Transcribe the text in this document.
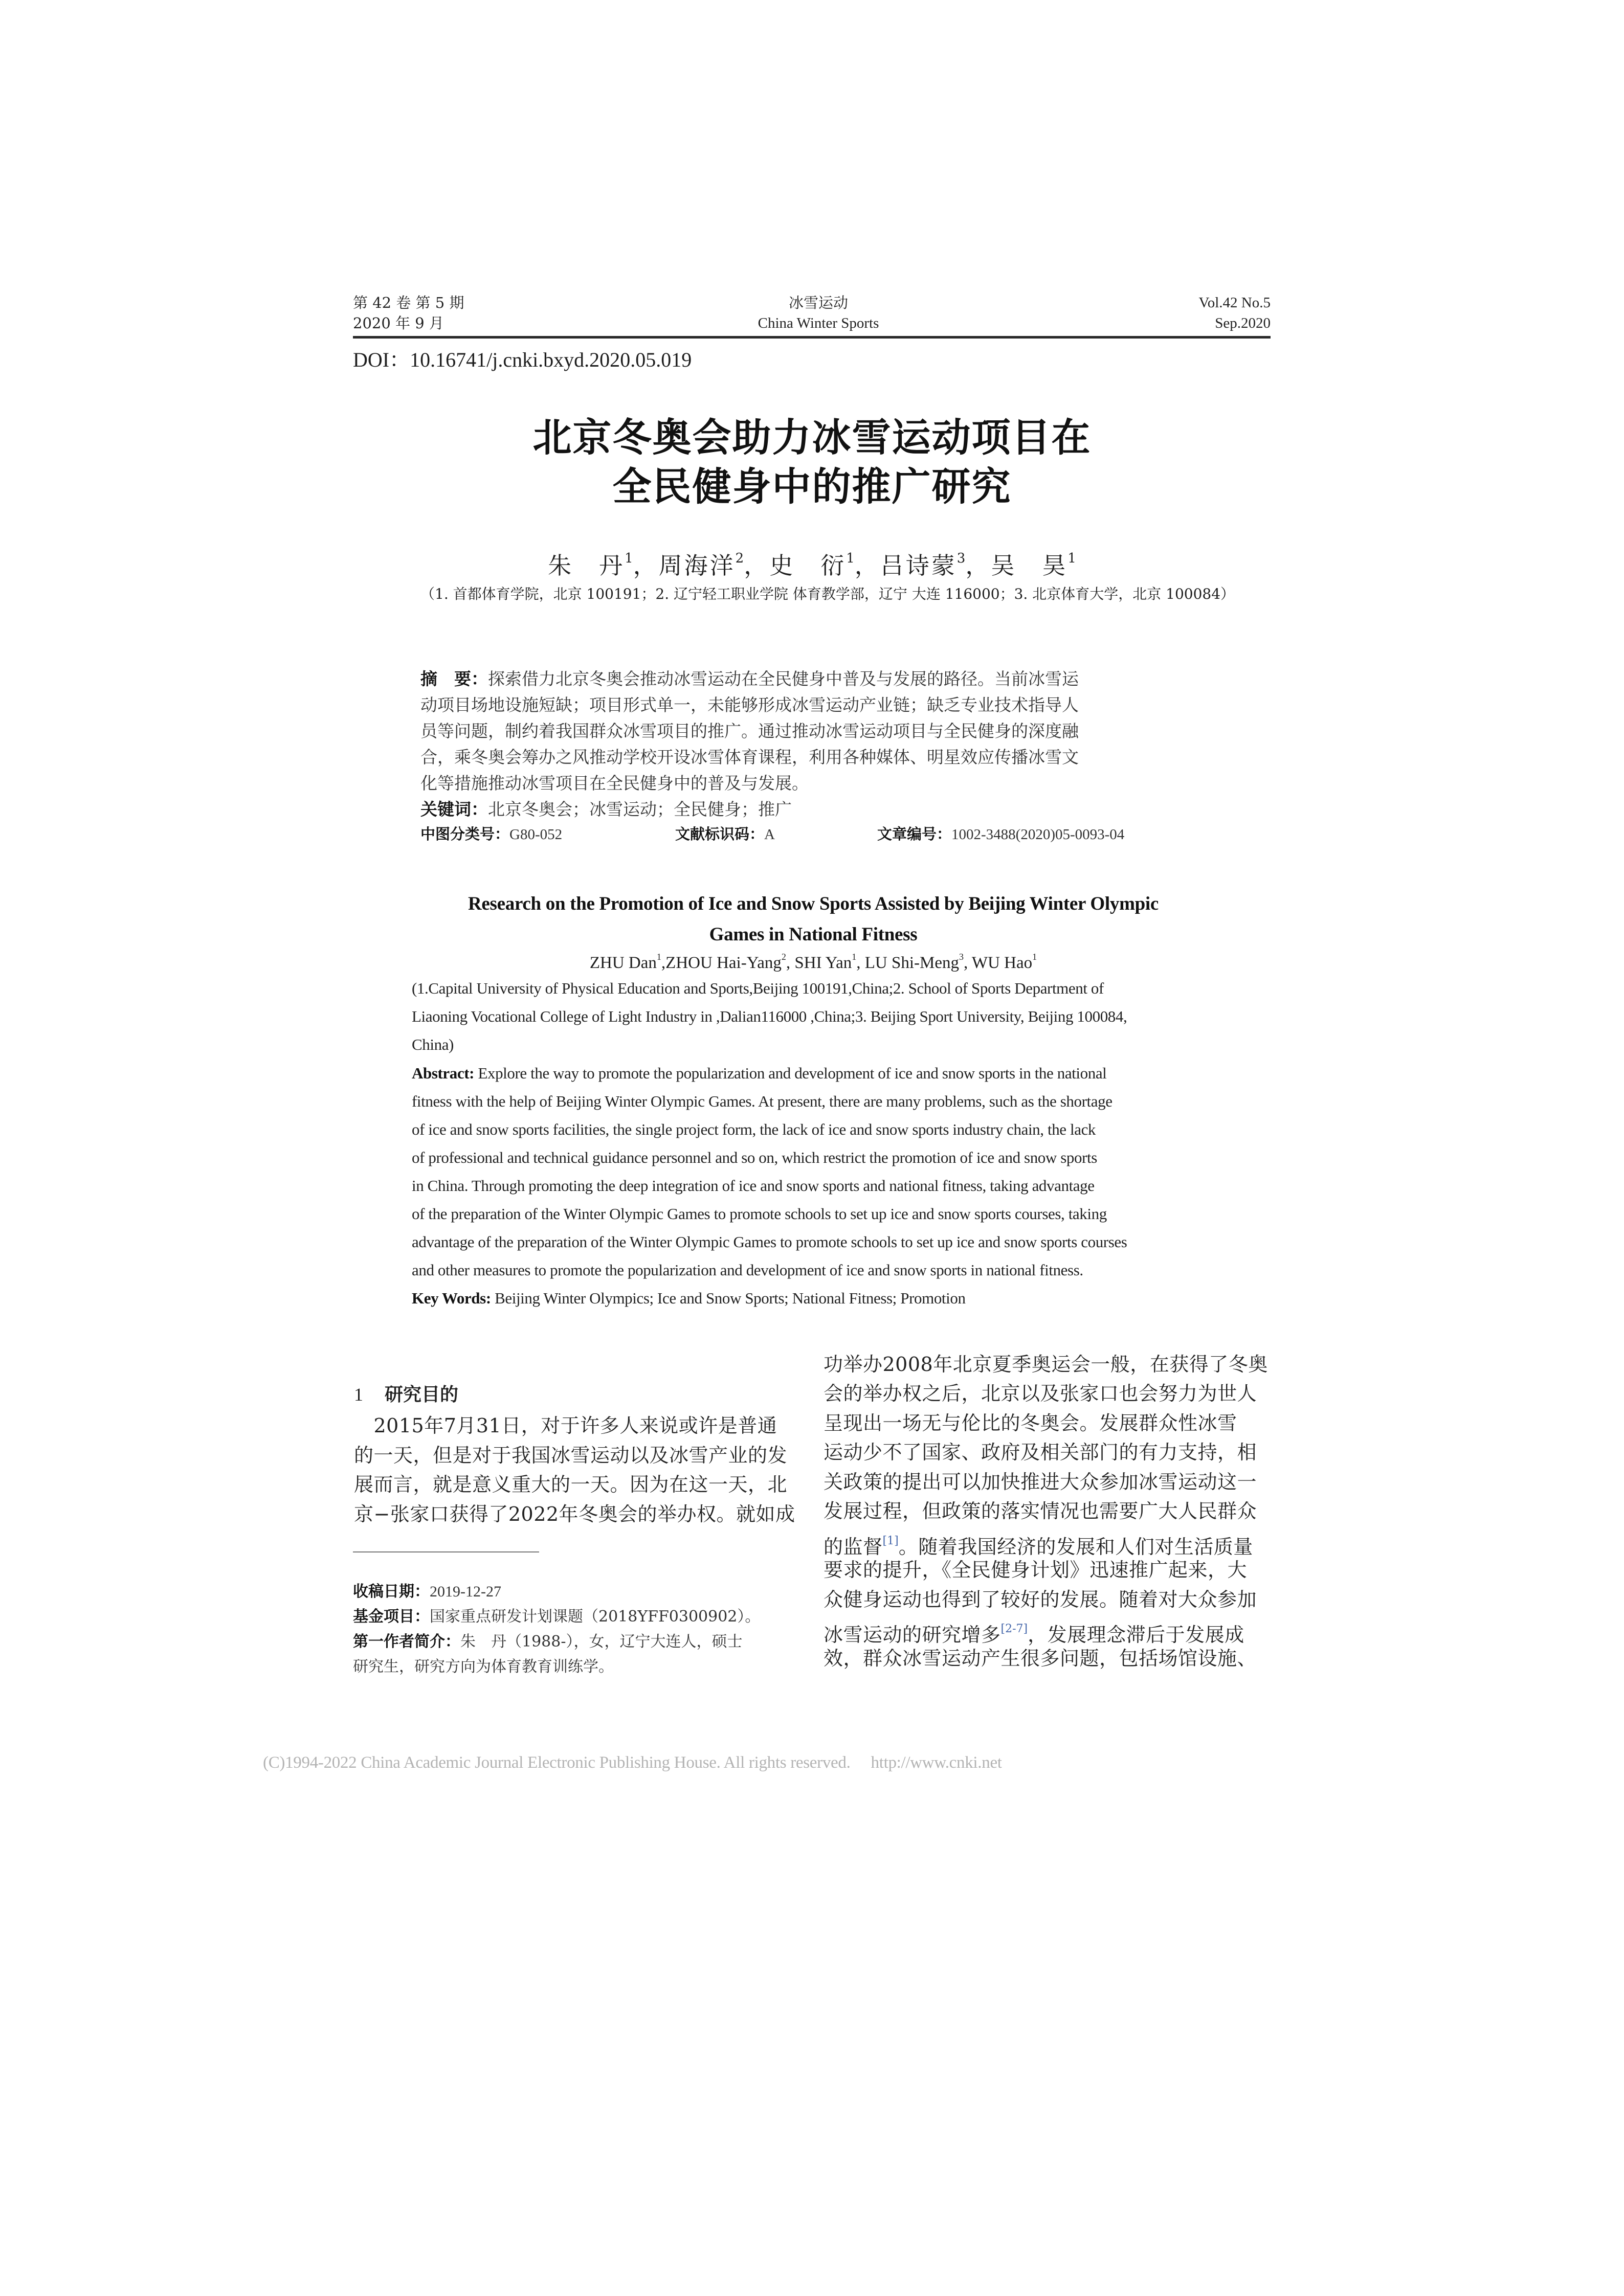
第 42 卷 第 5 期
2020 年 9 月
冰雪运动
China Winter Sports
Vol.42 No.5
Sep.2020
DOI：10.16741/j.cnki.bxyd.2020.05.019
北京冬奥会助力冰雪运动项目在
全民健身中的推广研究
朱　丹$^1$，周海洋$^2$，史　衍$^1$，吕诗蒙$^3$，吴　昊$^1$
（1. 首都体育学院，北京 100191；2. 辽宁轻工职业学院 体育教学部，辽宁 大连 116000；3. 北京体育大学，北京 100084）
摘　要：探索借力北京冬奥会推动冰雪运动在全民健身中普及与发展的路径。当前冰雪运
动项目场地设施短缺；项目形式单一，未能够形成冰雪运动产业链；缺乏专业技术指导人
员等问题，制约着我国群众冰雪项目的推广。通过推动冰雪运动项目与全民健身的深度融
合，乘冬奥会筹办之风推动学校开设冰雪体育课程，利用各种媒体、明星效应传播冰雪文
化等措施推动冰雪项目在全民健身中的普及与发展。
关键词：北京冬奥会；冰雪运动；全民健身；推广
中图分类号：G80-052	文献标识码：A	文章编号：1002-3488(2020)05-0093-04
Research on the Promotion of Ice and Snow Sports Assisted by Beijing Winter Olympic
Games in National Fitness
ZHU Dan$^1$,ZHOU Hai-Yang$^2$, SHI Yan$^1$, LU Shi-Meng$^3$, WU Hao$^1$
(1.Capital University of Physical Education and Sports,Beijing 100191,China;2. School of Sports Department of
Liaoning Vocational College of Light Industry in ,Dalian116000 ,China;3. Beijing Sport University, Beijing 100084,
China)
Abstract: Explore the way to promote the popularization and development of ice and snow sports in the national
fitness with the help of Beijing Winter Olympic Games. At present, there are many problems, such as the shortage
of ice and snow sports facilities, the single project form, the lack of ice and snow sports industry chain, the lack
of professional and technical guidance personnel and so on, which restrict the promotion of ice and snow sports
in China. Through promoting the deep integration of ice and snow sports and national fitness, taking advantage
of the preparation of the Winter Olympic Games to promote schools to set up ice and snow sports courses, taking
advantage of the preparation of the Winter Olympic Games to promote schools to set up ice and snow sports courses
and other measures to promote the popularization and development of ice and snow sports in national fitness.
Key Words: Beijing Winter Olympics; Ice and Snow Sports; National Fitness; Promotion
1 研究目的
　2015年7月31日，对于许多人来说或许是普通
的一天，但是对于我国冰雪运动以及冰雪产业的发
展而言，就是意义重大的一天。因为在这一天，北
京−张家口获得了2022年冬奥会的举办权。就如成
收稿日期：2019-12-27
基金项目：国家重点研发计划课题（2018YFF0300902）。
第一作者简介：朱　丹（1988-），女，辽宁大连人，硕士
研究生，研究方向为体育教育训练学。
功举办2008年北京夏季奥运会一般，在获得了冬奥
会的举办权之后，北京以及张家口也会努力为世人
呈现出一场无与伦比的冬奥会。发展群众性冰雪
运动少不了国家、政府及相关部门的有力支持，相
关政策的提出可以加快推进大众参加冰雪运动这一
发展过程，但政策的落实情况也需要广大人民群众
的监督[1]。随着我国经济的发展和人们对生活质量
要求的提升，《全民健身计划》迅速推广起来，大
众健身运动也得到了较好的发展。随着对大众参加
冰雪运动的研究增多[2-7]，发展理念滞后于发展成
效，群众冰雪运动产生很多问题，包括场馆设施、
(C)1994-2022 China Academic Journal Electronic Publishing House. All rights reserved. http://www.cnki.net
